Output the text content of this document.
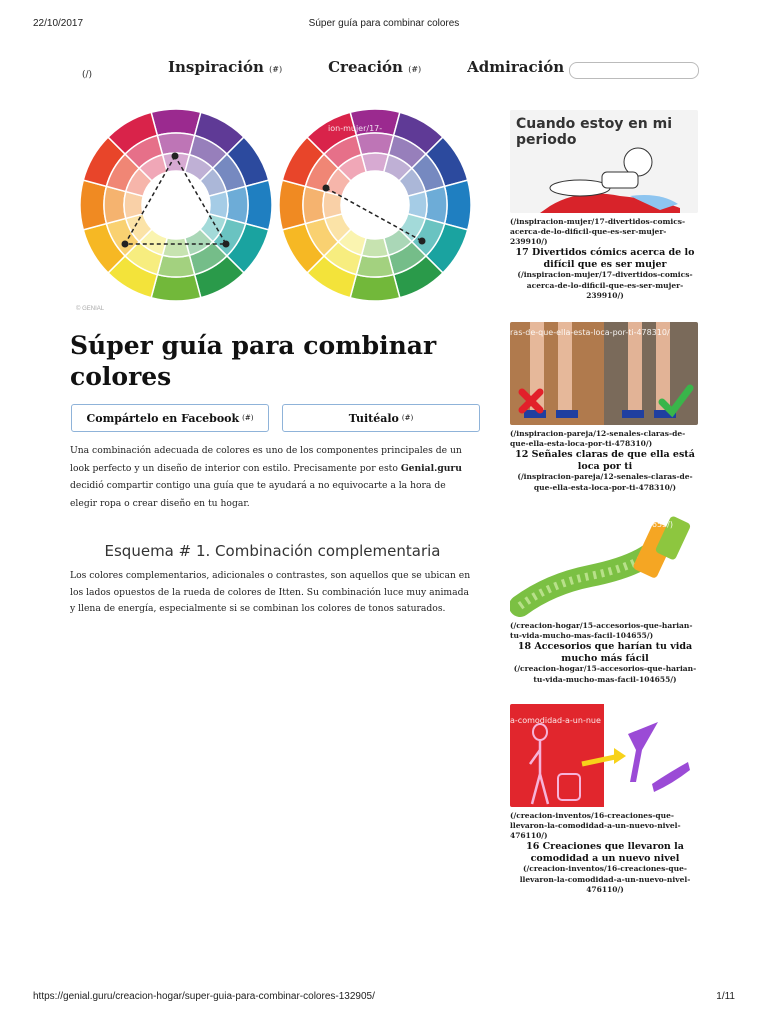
22/10/2017	Súper guía para combinar colores
(/)	Inspiración (#)	Creación (#)	Admiración
ion-mujer/17-
© GENIAL
Súper guía para combinar colores
Compártelo en Facebook (#)	Tuitéalo (#)

Una combinación adecuada de colores es uno de los componentes principales de un look perfecto y un diseño de interior con estilo. Precisamente por esto Genial.guru decidió compartir contigo una guía que te ayudará a no equivocarte a la hora de elegir ropa o crear diseño en tu hogar.

Esquema # 1. Combinación complementaria

Los colores complementarios, adicionales o contrastes, son aquellos que se ubican en los lados opuestos de la rueda de colores de Itten. Su combinación luce muy animada y llena de energía, especialmente si se combinan los colores de tonos saturados.

Cuando estoy en mi periodo
(/inspiracion-mujer/17-divertidos-comics-acerca-de-lo-dificil-que-es-ser-mujer-239910/)
17 Divertidos cómics acerca de lo difícil que es ser mujer
(/inspiracion-mujer/17-divertidos-comics-acerca-de-lo-dificil-que-es-ser-mujer-239910/)
ras-de-que-ella-esta-loca-por-ti-478310/
(/inspiracion-pareja/12-senales-claras-de-que-ella-esta-loca-por-ti-478310/)
12 Señales claras de que ella está loca por ti
(/inspiracion-pareja/12-senales-claras-de-que-ella-esta-loca-por-ti-478310/)
acil-104655/)
(/creacion-hogar/15-accesorios-que-harian-tu-vida-mucho-mas-facil-104655/)
18 Accesorios que harían tu vida mucho más fácil
(/creacion-hogar/15-accesorios-que-harian-tu-vida-mucho-mas-facil-104655/)
a-comodidad-a-un-nue
(/creacion-inventos/16-creaciones-que-llevaron-la-comodidad-a-un-nuevo-nivel-476110/)
16 Creaciones que llevaron la comodidad a un nuevo nivel
(/creacion-inventos/16-creaciones-que-llevaron-la-comodidad-a-un-nuevo-nivel-476110/)
https://genial.guru/creacion-hogar/super-guia-para-combinar-colores-132905/	1/11
